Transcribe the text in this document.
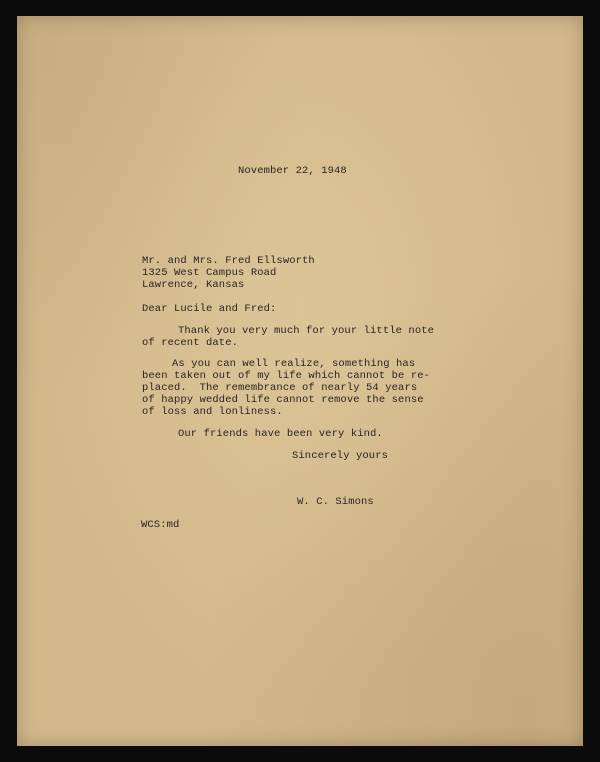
November 22, 1948
Mr. and Mrs. Fred Ellsworth
1325 West Campus Road
Lawrence, Kansas
Dear Lucile and Fred:
Thank you very much for your little note
of recent date.
As you can well realize, something has
been taken out of my life which cannot be re-
placed.  The remembrance of nearly 54 years
of happy wedded life cannot remove the sense
of loss and lonliness.
Our friends have been very kind.
Sincerely yours
W. C. Simons
WCS:md
